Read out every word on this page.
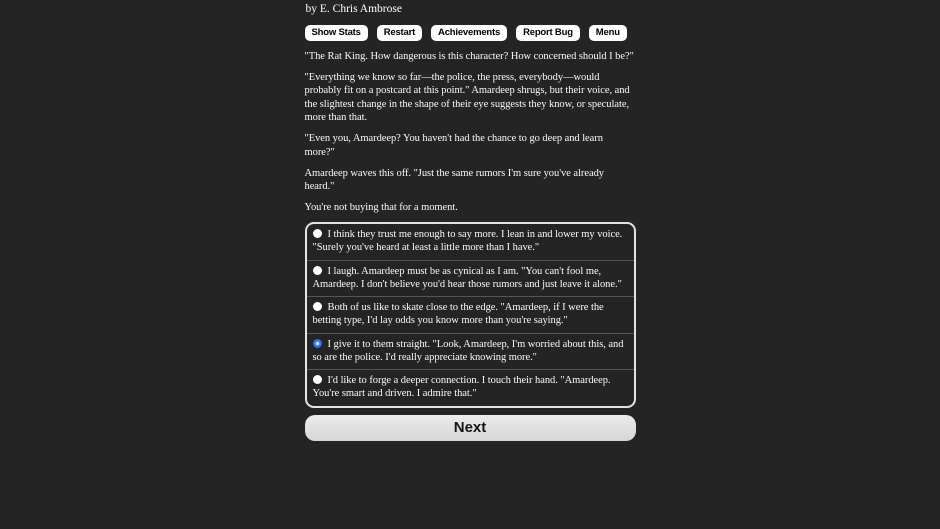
by E. Chris Ambrose
Show Stats	Restart	Achievements	Report Bug	Menu

"The Rat King. How dangerous is this character? How concerned should I be?"

"Everything we know so far—the police, the press, everybody—would probably fit on a postcard at this point." Amardeep shrugs, but their voice, and the slightest change in the shape of their eye suggests they know, or speculate, more than that.

"Even you, Amardeep? You haven't had the chance to go deep and learn more?"

Amardeep waves this off. "Just the same rumors I'm sure you've already heard."

You're not buying that for a moment.

I think they trust me enough to say more. I lean in and lower my voice. "Surely you've heard at least a little more than I have."
I laugh. Amardeep must be as cynical as I am. "You can't fool me, Amardeep. I don't believe you'd hear those rumors and just leave it alone."
Both of us like to skate close to the edge. "Amardeep, if I were the betting type, I'd lay odds you know more than you're saying."
I give it to them straight. "Look, Amardeep, I'm worried about this, and so are the police. I'd really appreciate knowing more."
I'd like to forge a deeper connection. I touch their hand. "Amardeep. You're smart and driven. I admire that."
Next
